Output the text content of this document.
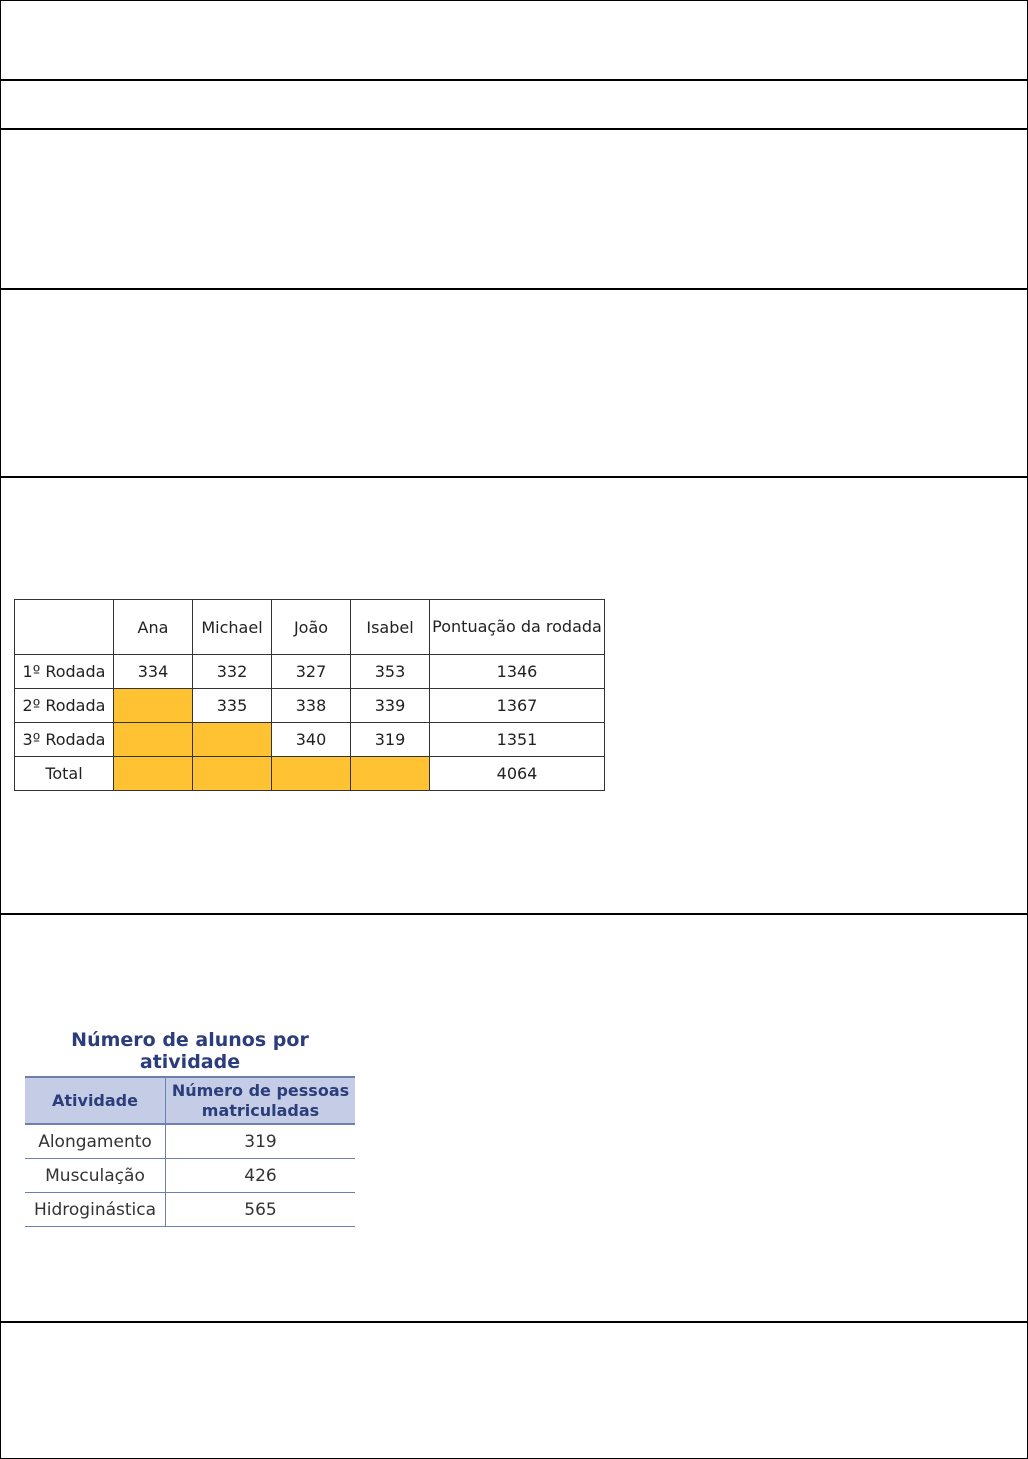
	Ana	Michael	João	Isabel	Pontuação da rodada
1º Rodada	334	332	327	353	1346
2º Rodada		335	338	339	1367
3º Rodada			340	319	1351
Total					4064
Número de alunos por
atividade
Atividade	Número de pessoas matriculadas
Alongamento	319
Musculação	426
Hidroginástica	565
